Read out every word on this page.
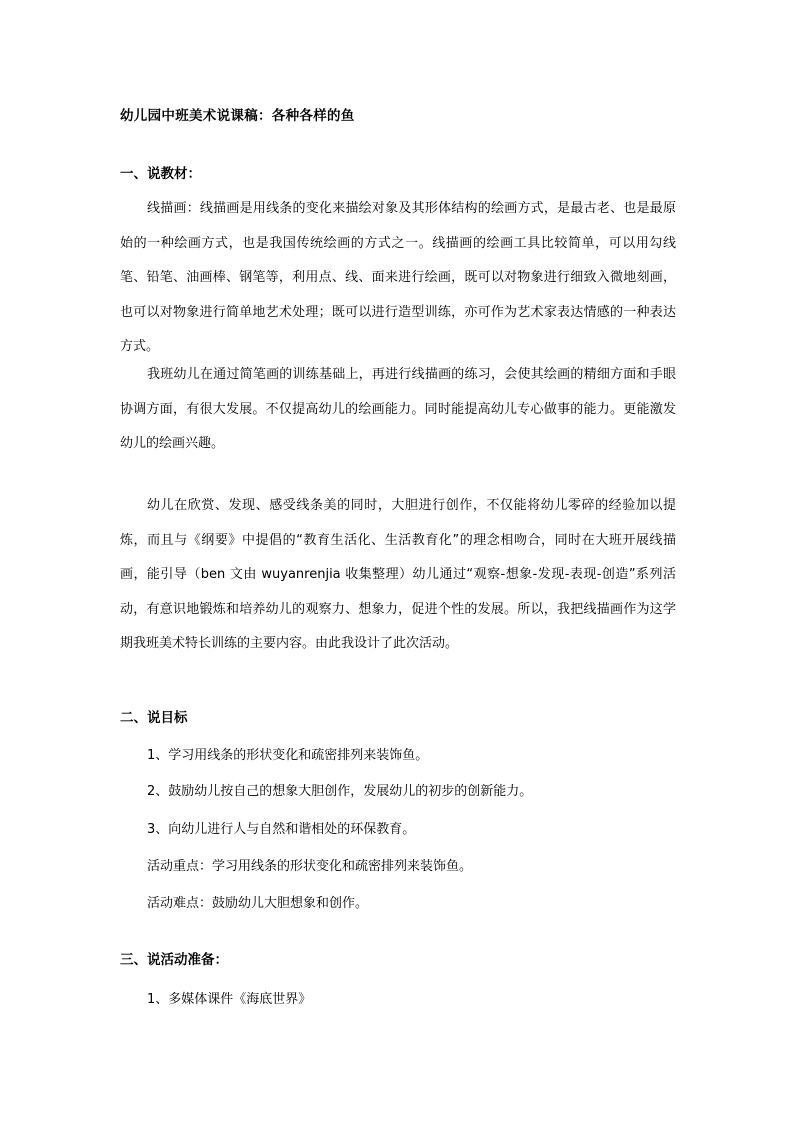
幼儿园中班美术说课稿：各种各样的鱼
一、说教材：

线描画：线描画是用线条的变化来描绘对象及其形体结构的绘画方式，是最古老、也是最原始的一种绘画方式，也是我国传统绘画的方式之一。线描画的绘画工具比较简单，可以用勾线笔、铅笔、油画棒、钢笔等，利用点、线、面来进行绘画，既可以对物象进行细致入微地刻画，也可以对物象进行简单地艺术处理；既可以进行造型训练，亦可作为艺术家表达情感的一种表达方式。

我班幼儿在通过简笔画的训练基础上，再进行线描画的练习，会使其绘画的精细方面和手眼协调方面，有很大发展。不仅提高幼儿的绘画能力。同时能提高幼儿专心做事的能力。更能激发幼儿的绘画兴趣。

幼儿在欣赏、发现、感受线条美的同时，大胆进行创作，不仅能将幼儿零碎的经验加以提炼，而且与《纲要》中提倡的“教育生活化、生活教育化”的理念相吻合，同时在大班开展线描画，能引导（ben 文由 wuyanrenjia 收集整理）幼儿通过“观察-想象-发现-表现-创造”系列活动，有意识地锻炼和培养幼儿的观察力、想象力，促进个性的发展。所以，我把线描画作为这学期我班美术特长训练的主要内容。由此我设计了此次活动。

二、说目标
1、学习用线条的形状变化和疏密排列来装饰鱼。
2、鼓励幼儿按自己的想象大胆创作，发展幼儿的初步的创新能力。
3、向幼儿进行人与自然和谐相处的环保教育。
活动重点：学习用线条的形状变化和疏密排列来装饰鱼。
活动难点：鼓励幼儿大胆想象和创作。
三、说活动准备：
1、多媒体课件《海底世界》
